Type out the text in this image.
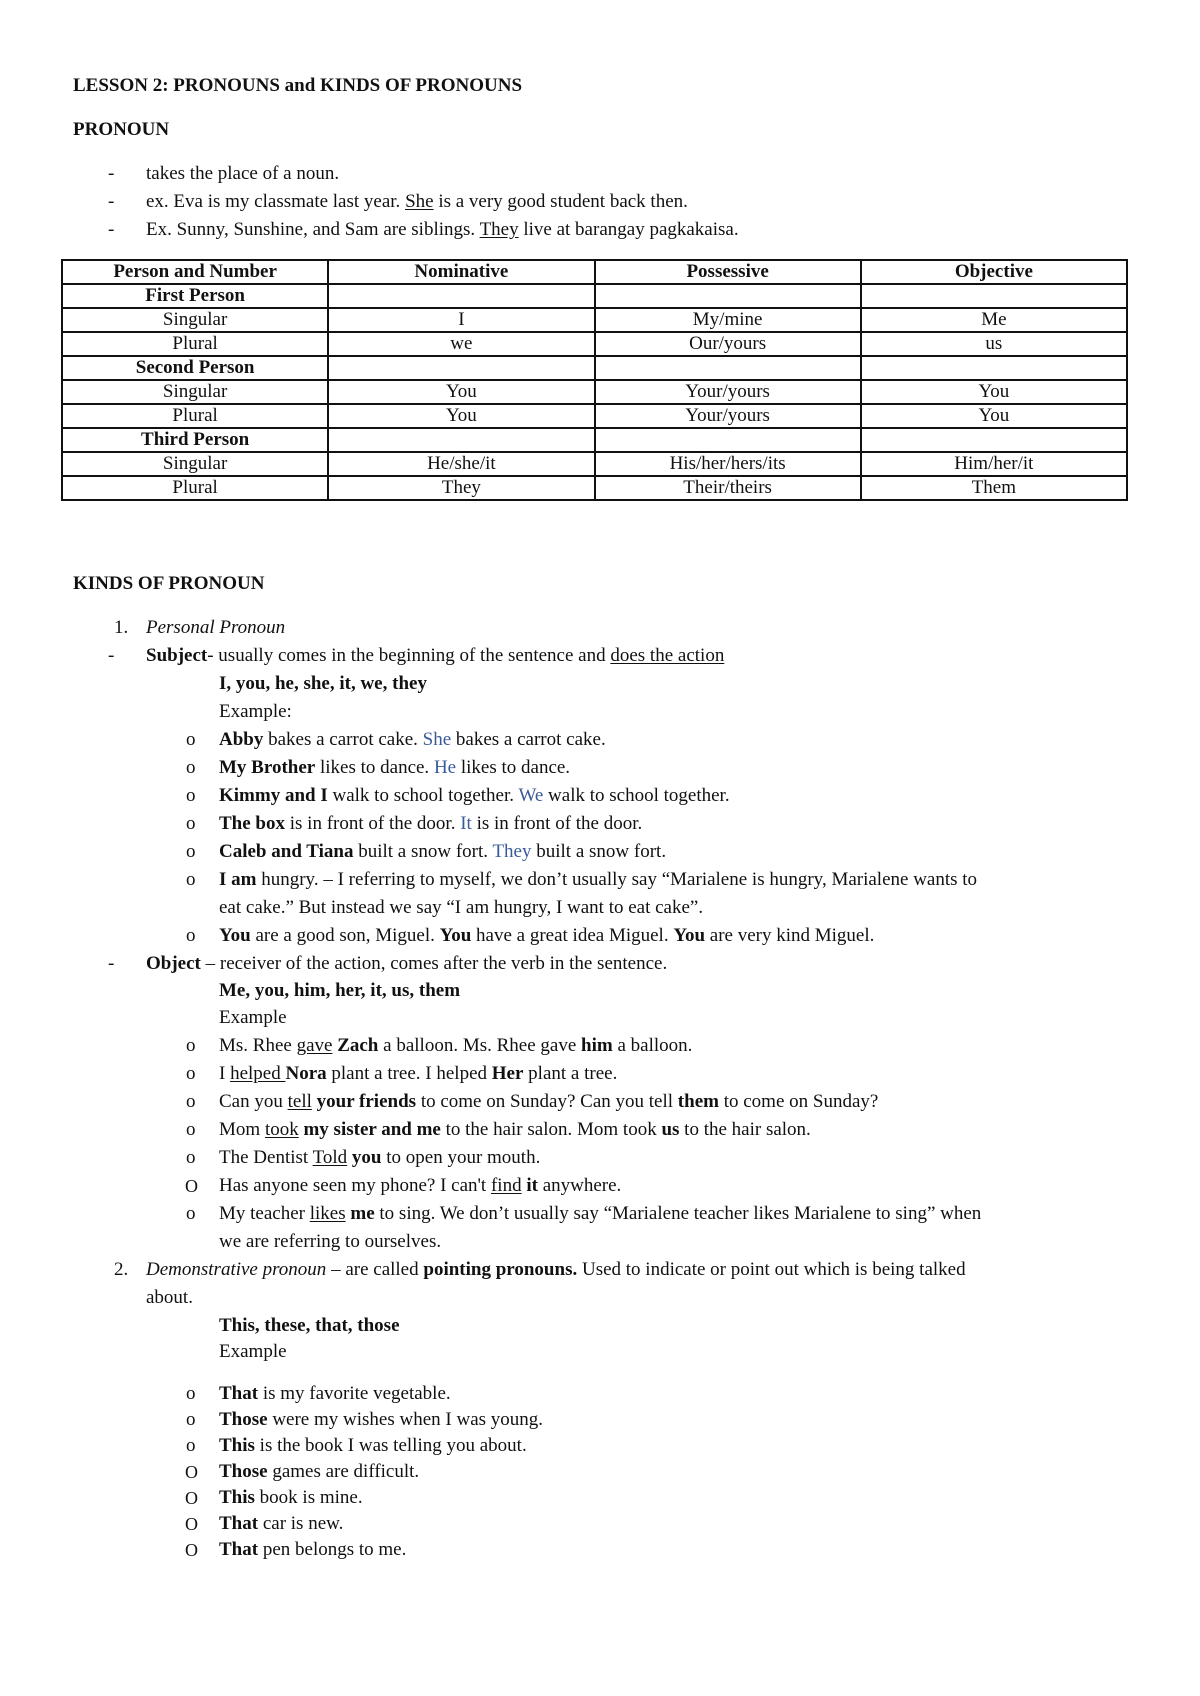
LESSON 2: PRONOUNS and KINDS OF PRONOUNS
PRONOUN
- takes the place of a noun.
- ex. Eva is my classmate last year. She is a very good student back then.
- Ex. Sunny, Sunshine, and Sam are siblings. They live at barangay pagkakaisa.
Person and Number	Nominative	Possessive	Objective
First Person			
Singular	I	My/mine	Me
Plural	we	Our/yours	us
Second Person			
Singular	You	Your/yours	You
Plural	You	Your/yours	You
Third Person			
Singular	He/she/it	His/her/hers/its	Him/her/it
Plural	They	Their/theirs	Them
KINDS OF PRONOUN
1. Personal Pronoun
- Subject- usually comes in the beginning of the sentence and does the action
I, you, he, she, it, we, they
Example:
o Abby bakes a carrot cake. She bakes a carrot cake.
o My Brother likes to dance. He likes to dance.
o Kimmy and I walk to school together. We walk to school together.
o The box is in front of the door. It is in front of the door.
o Caleb and Tiana built a snow fort. They built a snow fort.
o I am hungry. – I referring to myself, we don’t usually say “Marialene is hungry, Marialene wants to
eat cake.” But instead we say “I am hungry, I want to eat cake”.
o You are a good son, Miguel. You have a great idea Miguel. You are very kind Miguel.
- Object – receiver of the action, comes after the verb in the sentence.
Me, you, him, her, it, us, them
Example
o Ms. Rhee gave Zach a balloon. Ms. Rhee gave him a balloon.
o I helped Nora plant a tree. I helped Her plant a tree.
o Can you tell your friends to come on Sunday? Can you tell them to come on Sunday?
o Mom took my sister and me to the hair salon. Mom took us to the hair salon.
o The Dentist Told you to open your mouth.
O Has anyone seen my phone? I can't find it anywhere.
o My teacher likes me to sing. We don’t usually say “Marialene teacher likes Marialene to sing” when
we are referring to ourselves.
2. Demonstrative pronoun – are called pointing pronouns. Used to indicate or point out which is being talked
about.
This, these, that, those
Example
o That is my favorite vegetable.
o Those were my wishes when I was young.
o This is the book I was telling you about.
O Those games are difficult.
O This book is mine.
O That car is new.
O That pen belongs to me.
